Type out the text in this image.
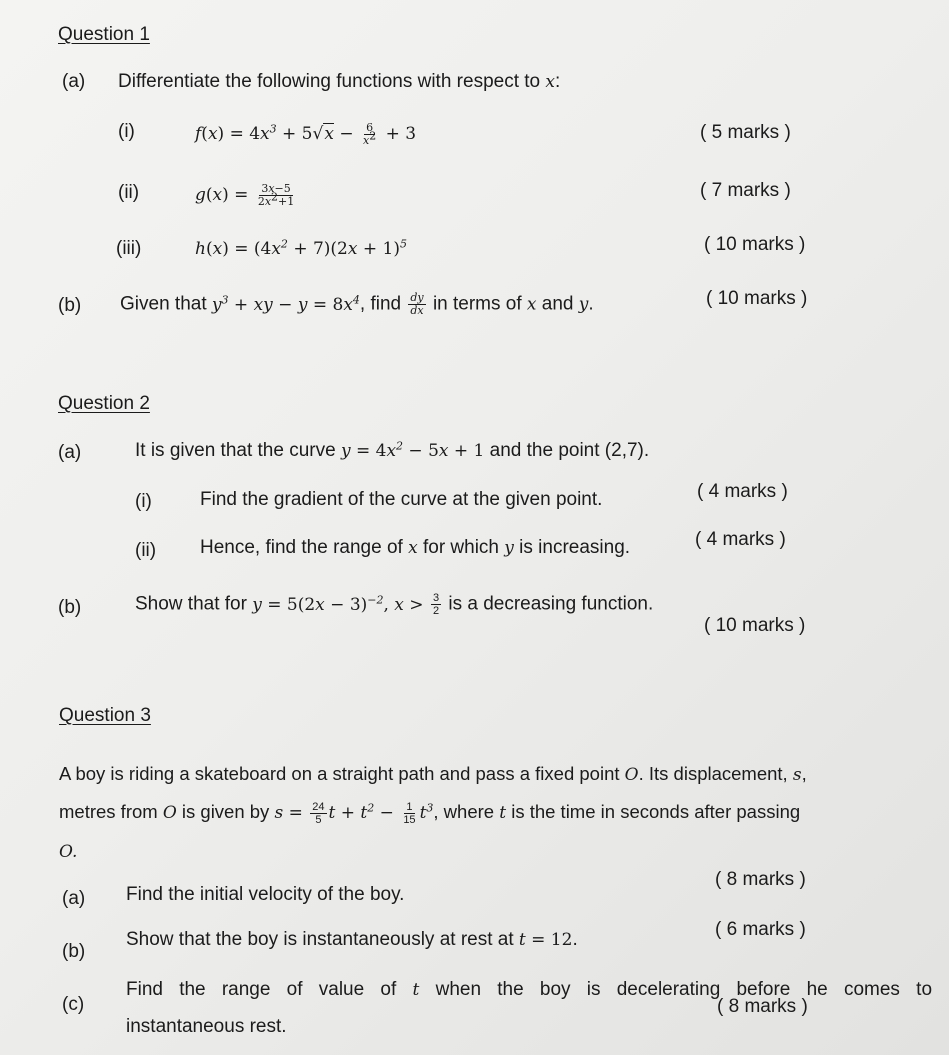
Question 1
(a) Differentiate the following functions with respect to x:
(i)	$f(x) = 4x^3 + 5√x - \frac{6}{x^2} + 3$	( 5 marks )
(ii)	$g(x) = \frac{3x-5}{2x^2+1}$	( 7 marks )
(iii)	$h(x) = (4x^2 + 7)(2x + 1)^5$	( 10 marks )
(b) Given that $y^3$ + xy − $y = 8x^4$, find $\frac{dy}{dx}$ in terms of x and y.	( 10 marks )
Question 2
(a)	It is given that the curve $y = 4x^2 - 5x + 1$ and the point (2,7).
(i)	Find the gradient of the curve at the given point.	( 4 marks )
(ii) Hence, find the range of x for which y is increasing.	( 4 marks )
(b)	Show that for $y = 5(2x - 3)^{-2}$, $x > \frac{3}{2}$ is a decreasing function.
( 10 marks )
Question 3
A boy is riding a skateboard on a straight path and pass a fixed point O. Its displacement, s,
metres from O is given by $s = \frac{24}{5}$ $t + t^2 - \frac{1}{15} t^3$, where t is the time in seconds after passing
O.
(a) Find the initial velocity of the boy.
( 8 marks )
(b)
Show that the boy is instantaneously at rest at t = 12.	( 6 marks )
(c)
Find the range of value of t when the boy is decelerating before he comes to
instantaneous rest.
( 8 marks )
